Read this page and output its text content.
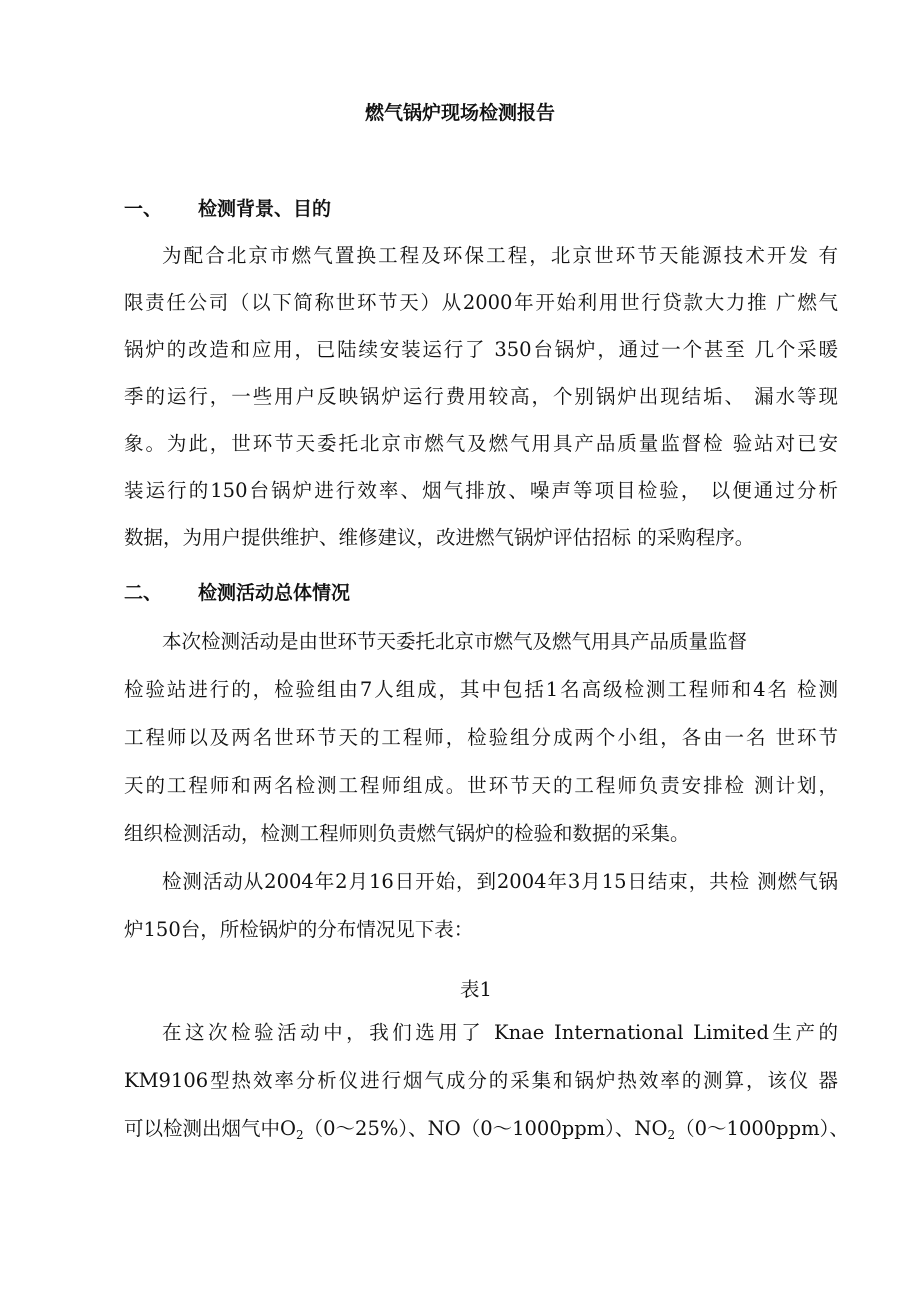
燃气锅炉现场检测报告
一、 检测背景、目的
为配合北京市燃气置换工程及环保工程，北京世环节天能源技术开发 有
限责任公司（以下简称世环节天）从2000年开始利用世行贷款大力推 广燃气
锅炉的改造和应用，已陆续安装运行了 350台锅炉，通过一个甚至 几个采暖
季的运行，一些用户反映锅炉运行费用较高，个别锅炉出现结垢、 漏水等现
象。为此，世环节天委托北京市燃气及燃气用具产品质量监督检 验站对已安
装运行的150台锅炉进行效率、烟气排放、噪声等项目检验， 以便通过分析
数据，为用户提供维护、维修建议，改进燃气锅炉评估招标 的采购程序。
二、 检测活动总体情况
本次检测活动是由世环节天委托北京市燃气及燃气用具产品质量监督
检验站进行的，检验组由7人组成，其中包括1名高级检测工程师和4名 检测
工程师以及两名世环节天的工程师，检验组分成两个小组，各由一名 世环节
天的工程师和两名检测工程师组成。世环节天的工程师负责安排检 测计划，
组织检测活动，检测工程师则负责燃气锅炉的检验和数据的采集。
检测活动从2004年2月16日开始，到2004年3月15日结束，共检 测燃气锅
炉150台，所检锅炉的分布情况见下表：
表1
在这次检验活动中，我们选用了 Knae International Limited生产的
KM9106型热效率分析仪进行烟气成分的采集和锅炉热效率的测算，该仪 器
可以检测出烟气中$O_2(0$〜25%）、NO（0〜1000ppm）、$NO_2(0$〜1000ppm）、
